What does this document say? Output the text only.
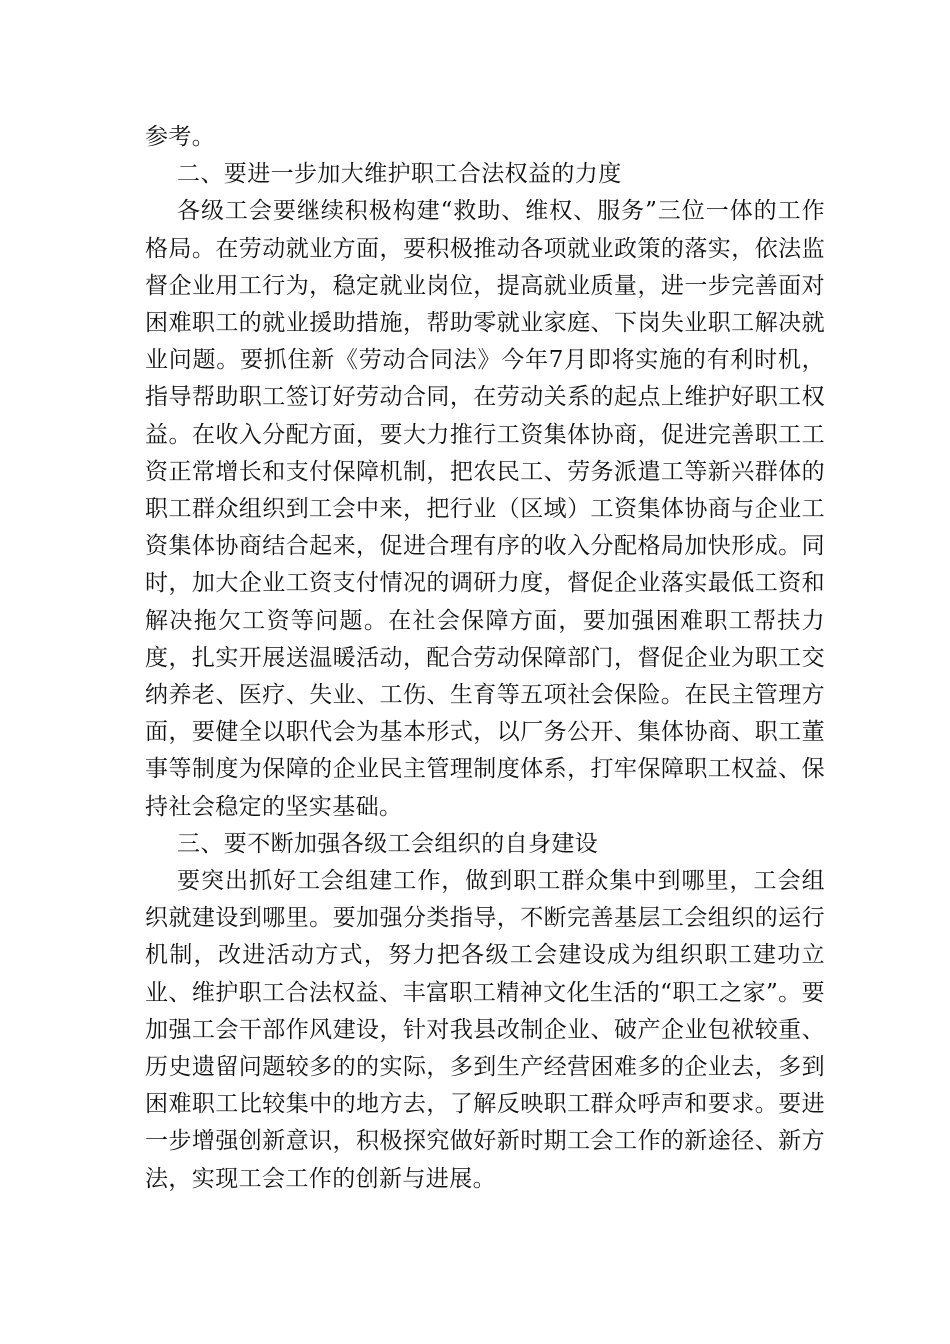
参考。

二、要进一步加大维护职工合法权益的力度

各级工会要继续积极构建“救助、维权、服务”三位一体的工作格局。在劳动就业方面，要积极推动各项就业政策的落实，依法监督企业用工行为，稳定就业岗位，提高就业质量，进一步完善面对困难职工的就业援助措施，帮助零就业家庭、下岗失业职工解决就业问题。要抓住新《劳动合同法》今年7月即将实施的有利时机，指导帮助职工签订好劳动合同，在劳动关系的起点上维护好职工权益。在收入分配方面，要大力推行工资集体协商，促进完善职工工资正常增长和支付保障机制，把农民工、劳务派遣工等新兴群体的职工群众组织到工会中来，把行业（区域）工资集体协商与企业工资集体协商结合起来，促进合理有序的收入分配格局加快形成。同时，加大企业工资支付情况的调研力度，督促企业落实最低工资和解决拖欠工资等问题。在社会保障方面，要加强困难职工帮扶力度，扎实开展送温暖活动，配合劳动保障部门，督促企业为职工交纳养老、医疗、失业、工伤、生育等五项社会保险。在民主管理方面，要健全以职代会为基本形式，以厂务公开、集体协商、职工董事等制度为保障的企业民主管理制度体系，打牢保障职工权益、保持社会稳定的坚实基础。

三、要不断加强各级工会组织的自身建设

要突出抓好工会组建工作，做到职工群众集中到哪里，工会组织就建设到哪里。要加强分类指导，不断完善基层工会组织的运行机制，改进活动方式，努力把各级工会建设成为组织职工建功立业、维护职工合法权益、丰富职工精神文化生活的“职工之家”。要加强工会干部作风建设，针对我县改制企业、破产企业包袱较重、历史遗留问题较多的的实际，多到生产经营困难多的企业去，多到困难职工比较集中的地方去，了解反映职工群众呼声和要求。要进一步增强创新意识，积极探究做好新时期工会工作的新途径、新方法，实现工会工作的创新与进展。
